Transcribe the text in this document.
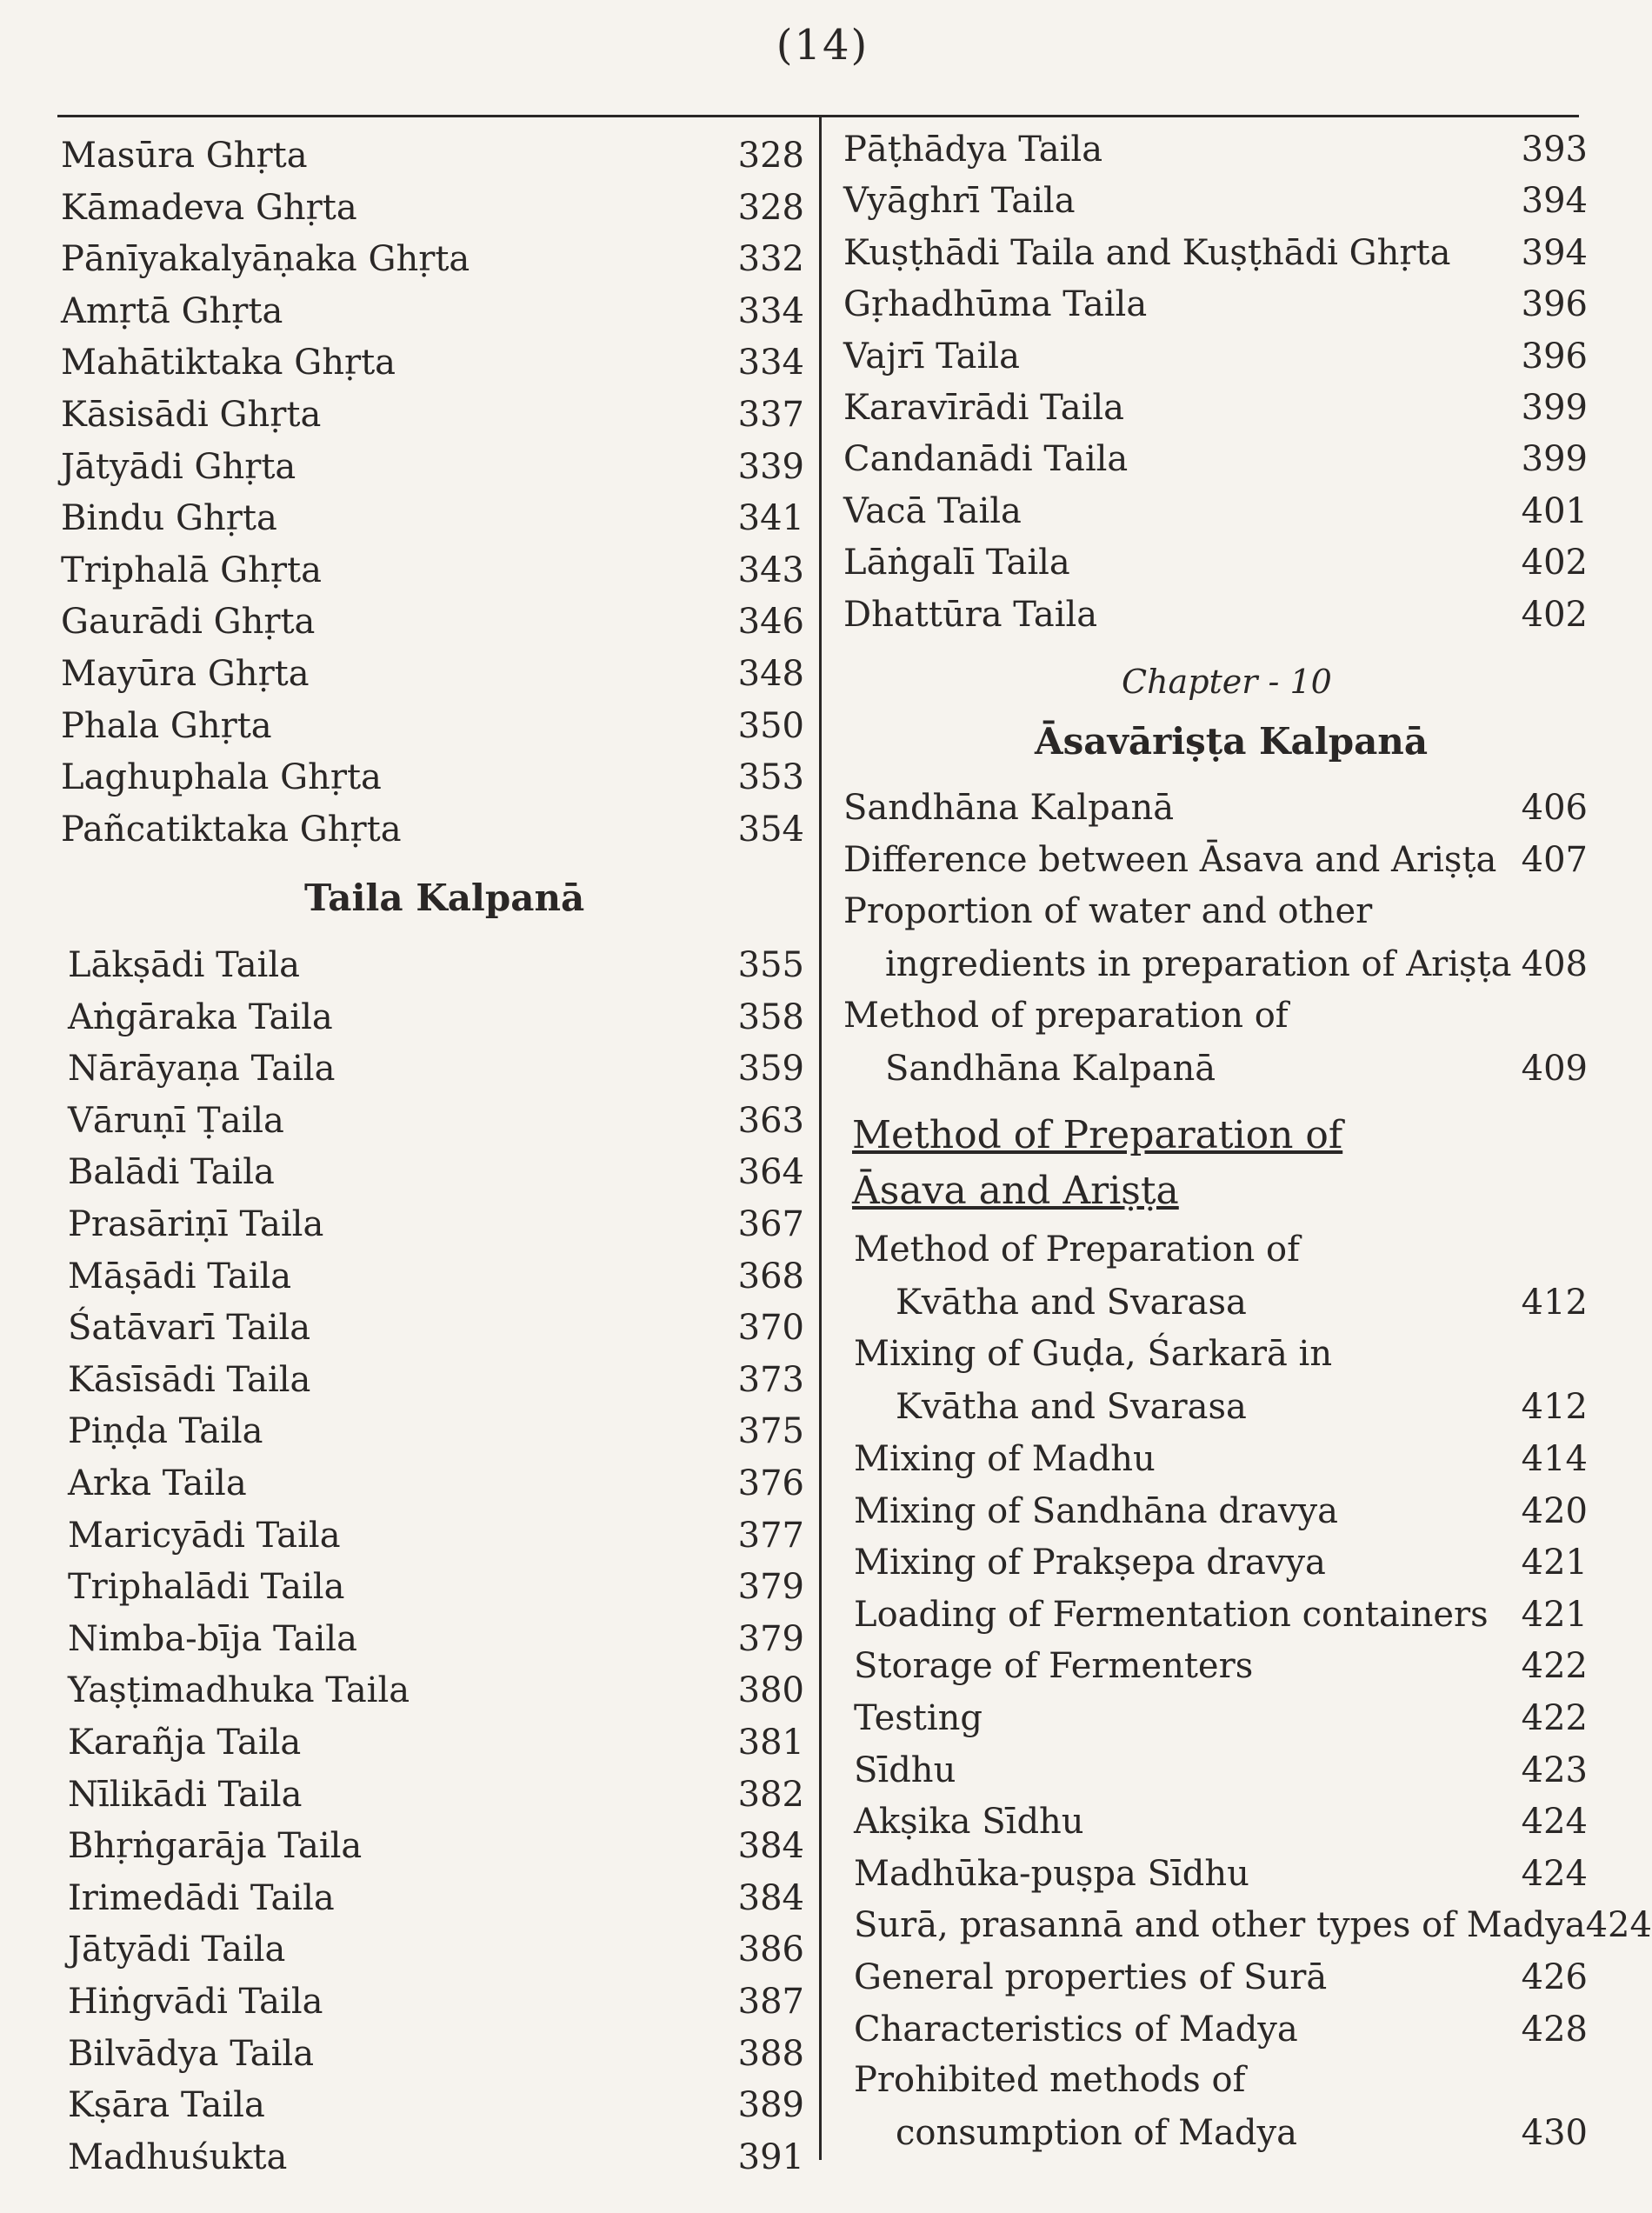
(14)
Masūra Ghṛta	328
Kāmadeva Ghṛta	328
Pānīyakalyāṇaka Ghṛta	332
Amṛtā Ghṛta	334
Mahātiktaka Ghṛta	334
Kāsisādi Ghṛta	337
Jātyādi Ghṛta	339
Bindu Ghṛta	341
Triphalā Ghṛta	343
Gaurādi Ghṛta	346
Mayūra Ghṛta	348
Phala Ghṛta	350
Laghuphala Ghṛta	353
Pañcatiktaka Ghṛta	354
Taila Kalpanā
Lākṣādi Taila	355
Aṅgāraka Taila	358
Nārāyaṇa Taila	359
Vāruṇī Ṭaila	363
Balādi Taila	364
Prasāriṇī Taila	367
Māṣādi Taila	368
Śatāvarī Taila	370
Kāsīsādi Taila	373
Piṇḍa Taila	375
Arka Taila	376
Maricyādi Taila	377
Triphalādi Taila	379
Nimba-bīja Taila	379
Yaṣṭimadhuka Taila	380
Karañja Taila	381
Nīlikādi Taila	382
Bhṛṅgarāja Taila	384
Irimedādi Taila	384
Jātyādi Taila	386
Hiṅgvādi Taila	387
Bilvādya Taila	388
Kṣāra Taila	389
Madhuśukta	391
Pāṭhādya Taila	393
Vyāghrī Taila	394
Kuṣṭhādi Taila and Kuṣṭhādi Ghṛta 394
Gṛhadhūma Taila	396
Vajrī Taila	396
Karavīrādi Taila	399
Candanādi Taila	399
Vacā Taila	401
Lāṅgalī Taila	402
Dhattūra Taila	402
Chapter - 10
Āsavāriṣṭa Kalpanā
Sandhāna Kalpanā	406
Difference between Āsava and Ariṣṭa 407
Proportion of water and other
ingredients in preparation of Ariṣṭa 408
Method of preparation of
Sandhāna Kalpanā	409
Method of Preparation of
Āsava and Ariṣṭa
Method of Preparation of
Kvātha and Svarasa	412
Mixing of Guḍa, Śarkarā in
Kvātha and Svarasa	412
Mixing of Madhu	414
Mixing of Sandhāna dravya	420
Mixing of Prakṣepa dravya	421
Loading of Fermentation containers 421
Storage of Fermenters	422
Testing	422
Sīdhu	423
Akṣika Sīdhu	424
Madhūka-puṣpa Sīdhu	424
Surā, prasannā and other types of Madya 424
General properties of Surā	426
Characteristics of Madya	428
Prohibited methods of
consumption of Madya	430
